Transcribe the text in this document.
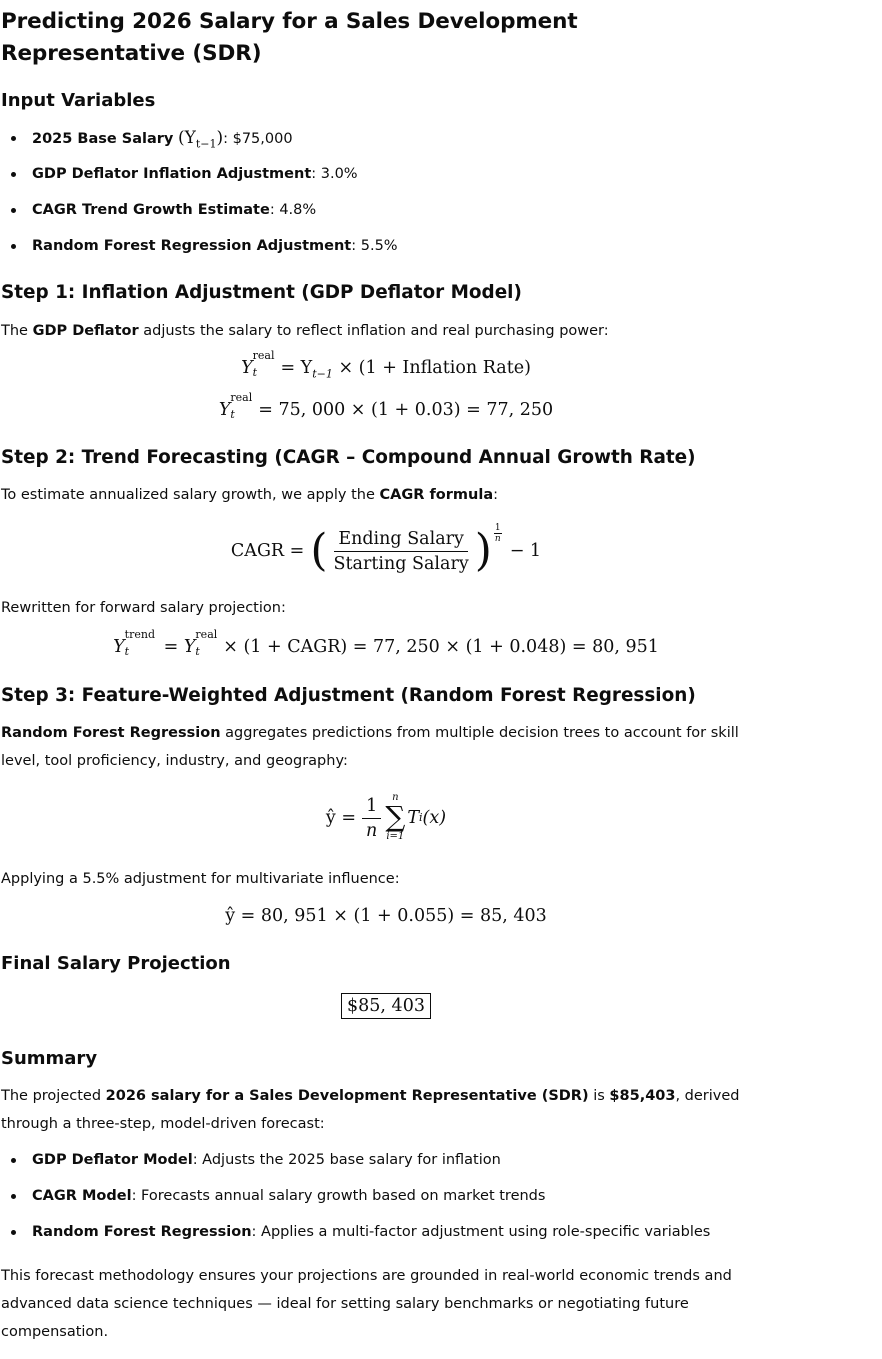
Predicting 2026 Salary for a Sales Development Representative (SDR)
Input Variables
2025 Base Salary $(Y_{t-1})$: $75,000
GDP Deflator Inflation Adjustment: 3.0%
CAGR Trend Growth Estimate: 4.8%
Random Forest Regression Adjustment: 5.5%
Step 1: Inflation Adjustment (GDP Deflator Model)

The GDP Deflator adjusts the salary to reflect inflation and real purchasing power:

Y
real
$t = Y_{t-1} \times (1$ + Inflation Rate)
Y
real
t = 75, 000 × (1 + 0.03) = 77, 250
Step 2: Trend Forecasting (CAGR – Compound Annual Growth Rate)

To estimate annualized salary growth, we apply the CAGR formula:

CAGR = ( $\frac{\text{Ending Salary}}{\text{Starting Salary}}$ ) $\frac{1}{n}$
− 1

Rewritten for forward salary projection:

Y
trend
t = Y
real
t × (1 + CAGR) = 77, 250 × (1 + 0.048) = 80, 951
Step 3: Feature-Weighted Adjustment (Random Forest Regression)

Random Forest Regression aggregates predictions from multiple decision trees to account for skill level, tool proficiency, industry, and geography:

ŷ = $\frac{1}{n}$ n
∑
i=1
T i (x)

Applying a 5.5% adjustment for multivariate influence:

ŷ = 80, 951 × (1 + 0.055) = 85, 403
Final Salary Projection
$85, 403
Summary

The projected 2026 salary for a Sales Development Representative (SDR) is $85,403, derived through a three-step, model-driven forecast:

GDP Deflator Model: Adjusts the 2025 base salary for inflation
CAGR Model: Forecasts annual salary growth based on market trends
Random Forest Regression: Applies a multi-factor adjustment using role-specific variables

This forecast methodology ensures your projections are grounded in real-world economic trends and advanced data science techniques — ideal for setting salary benchmarks or negotiating future compensation.
